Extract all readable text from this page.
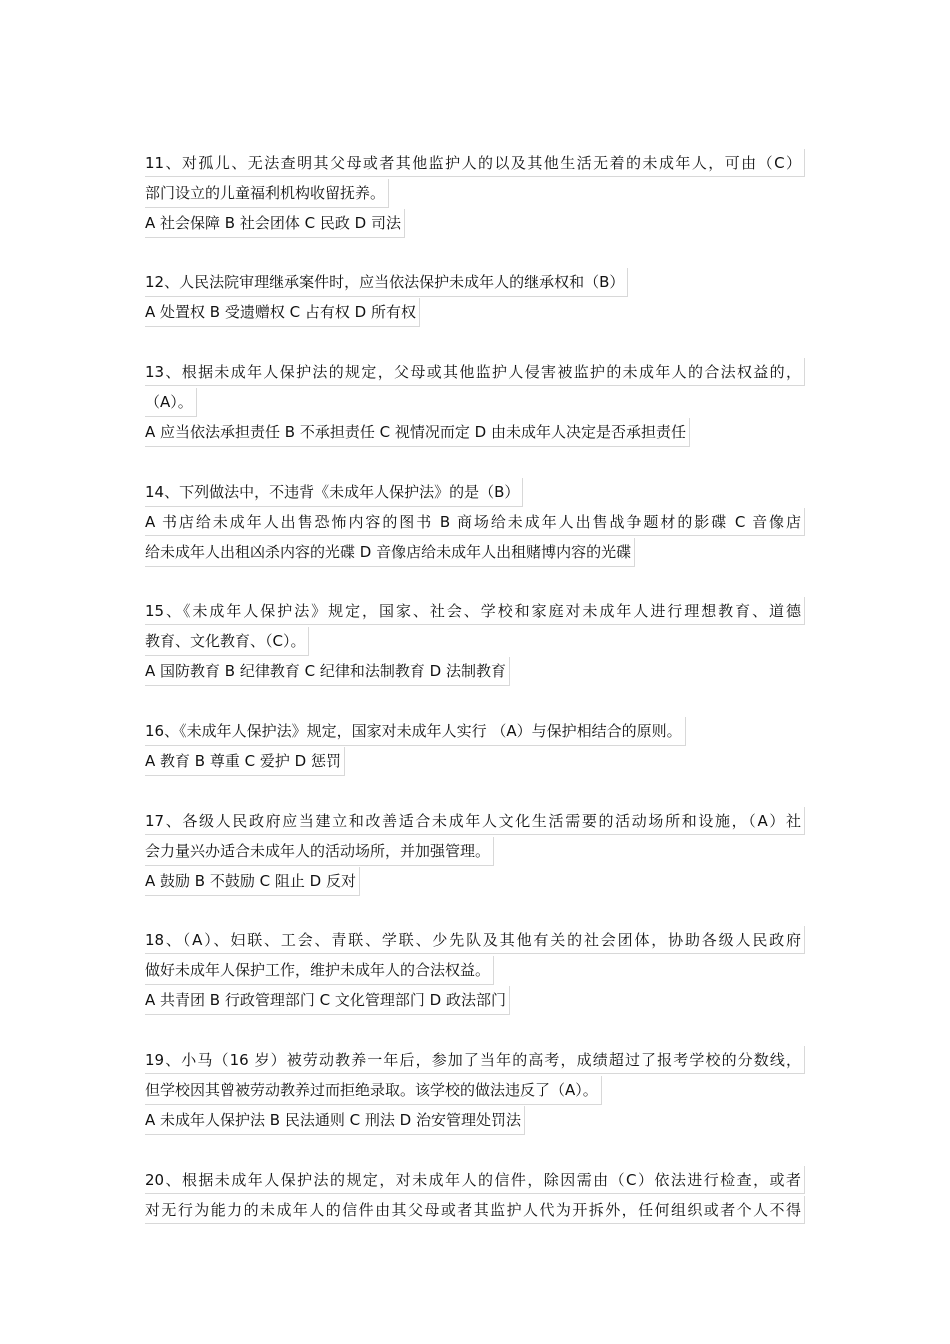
11、对孤儿、无法查明其父母或者其他监护人的以及其他生活无着的未成年人，可由（C）
部门设立的儿童福利机构收留抚养。
A 社会保障 B 社会团体 C 民政 D 司法
12、人民法院审理继承案件时，应当依法保护未成年人的继承权和（B）
A 处置权 B 受遗赠权 C 占有权 D 所有权
13、根据未成年人保护法的规定，父母或其他监护人侵害被监护的未成年人的合法权益的，
（A）。
A 应当依法承担责任 B 不承担责任 C 视情况而定 D 由未成年人决定是否承担责任
14、下列做法中，不违背《未成年人保护法》的是（B）
A 书店给未成年人出售恐怖内容的图书 B 商场给未成年人出售战争题材的影碟 C 音像店
给未成年人出租凶杀内容的光碟 D 音像店给未成年人出租赌博内容的光碟
15、《未成年人保护法》规定，国家、社会、学校和家庭对未成年人进行理想教育、道德
教育、文化教育、（C）。
A 国防教育 B 纪律教育 C 纪律和法制教育 D 法制教育
16、《未成年人保护法》规定，国家对未成年人实行 （A）与保护相结合的原则。
A 教育 B 尊重 C 爱护 D 惩罚
17、各级人民政府应当建立和改善适合未成年人文化生活需要的活动场所和设施，（A）社
会力量兴办适合未成年人的活动场所，并加强管理。
A 鼓励 B 不鼓励 C 阻止 D 反对
18、（A）、妇联、工会、青联、学联、少先队及其他有关的社会团体，协助各级人民政府
做好未成年人保护工作，维护未成年人的合法权益。
A 共青团 B 行政管理部门 C 文化管理部门 D 政法部门
19、小马（16 岁）被劳动教养一年后，参加了当年的高考，成绩超过了报考学校的分数线，
但学校因其曾被劳动教养过而拒绝录取。该学校的做法违反了（A）。
A 未成年人保护法 B 民法通则 C 刑法 D 治安管理处罚法
20、根据未成年人保护法的规定，对未成年人的信件，除因需由（C）依法进行检查，或者
对无行为能力的未成年人的信件由其父母或者其监护人代为开拆外，任何组织或者个人不得
